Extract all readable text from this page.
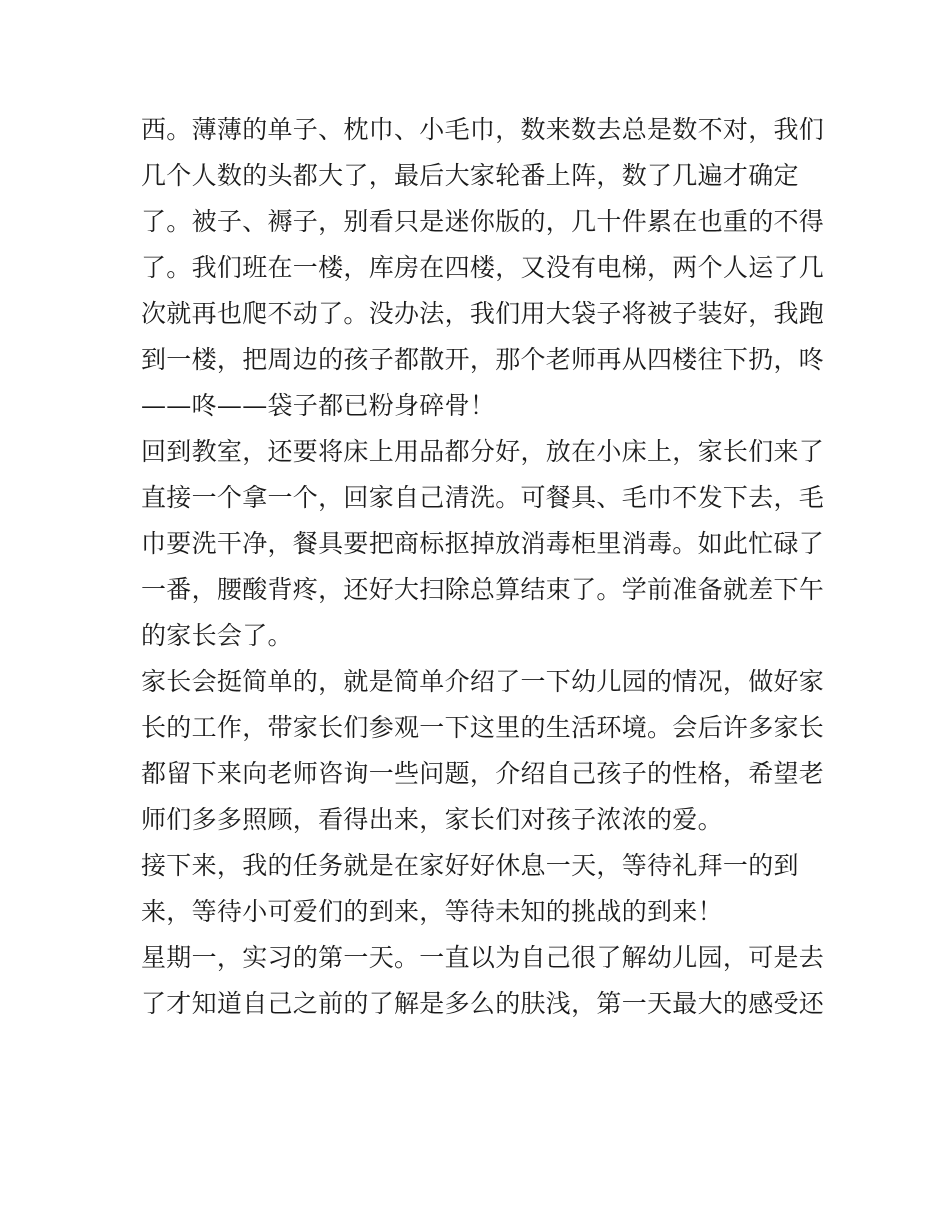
西。薄薄的单子、枕巾、小毛巾，数来数去总是数不对，我们
几个人数的头都大了，最后大家轮番上阵，数了几遍才确定
了。被子、褥子，别看只是迷你版的，几十件累在也重的不得
了。我们班在一楼，库房在四楼，又没有电梯，两个人运了几
次就再也爬不动了。没办法，我们用大袋子将被子装好，我跑
到一楼，把周边的孩子都散开，那个老师再从四楼往下扔，咚
——咚——袋子都已粉身碎骨！
回到教室，还要将床上用品都分好，放在小床上，家长们来了
直接一个拿一个，回家自己清洗。可餐具、毛巾不发下去，毛
巾要洗干净，餐具要把商标抠掉放消毒柜里消毒。如此忙碌了
一番，腰酸背疼，还好大扫除总算结束了。学前准备就差下午
的家长会了。
家长会挺简单的，就是简单介绍了一下幼儿园的情况，做好家
长的工作，带家长们参观一下这里的生活环境。会后许多家长
都留下来向老师咨询一些问题，介绍自己孩子的性格，希望老
师们多多照顾，看得出来，家长们对孩子浓浓的爱。
接下来，我的任务就是在家好好休息一天，等待礼拜一的到
来，等待小可爱们的到来，等待未知的挑战的到来！
星期一，实习的第一天。一直以为自己很了解幼儿园，可是去
了才知道自己之前的了解是多么的肤浅，第一天最大的感受还
